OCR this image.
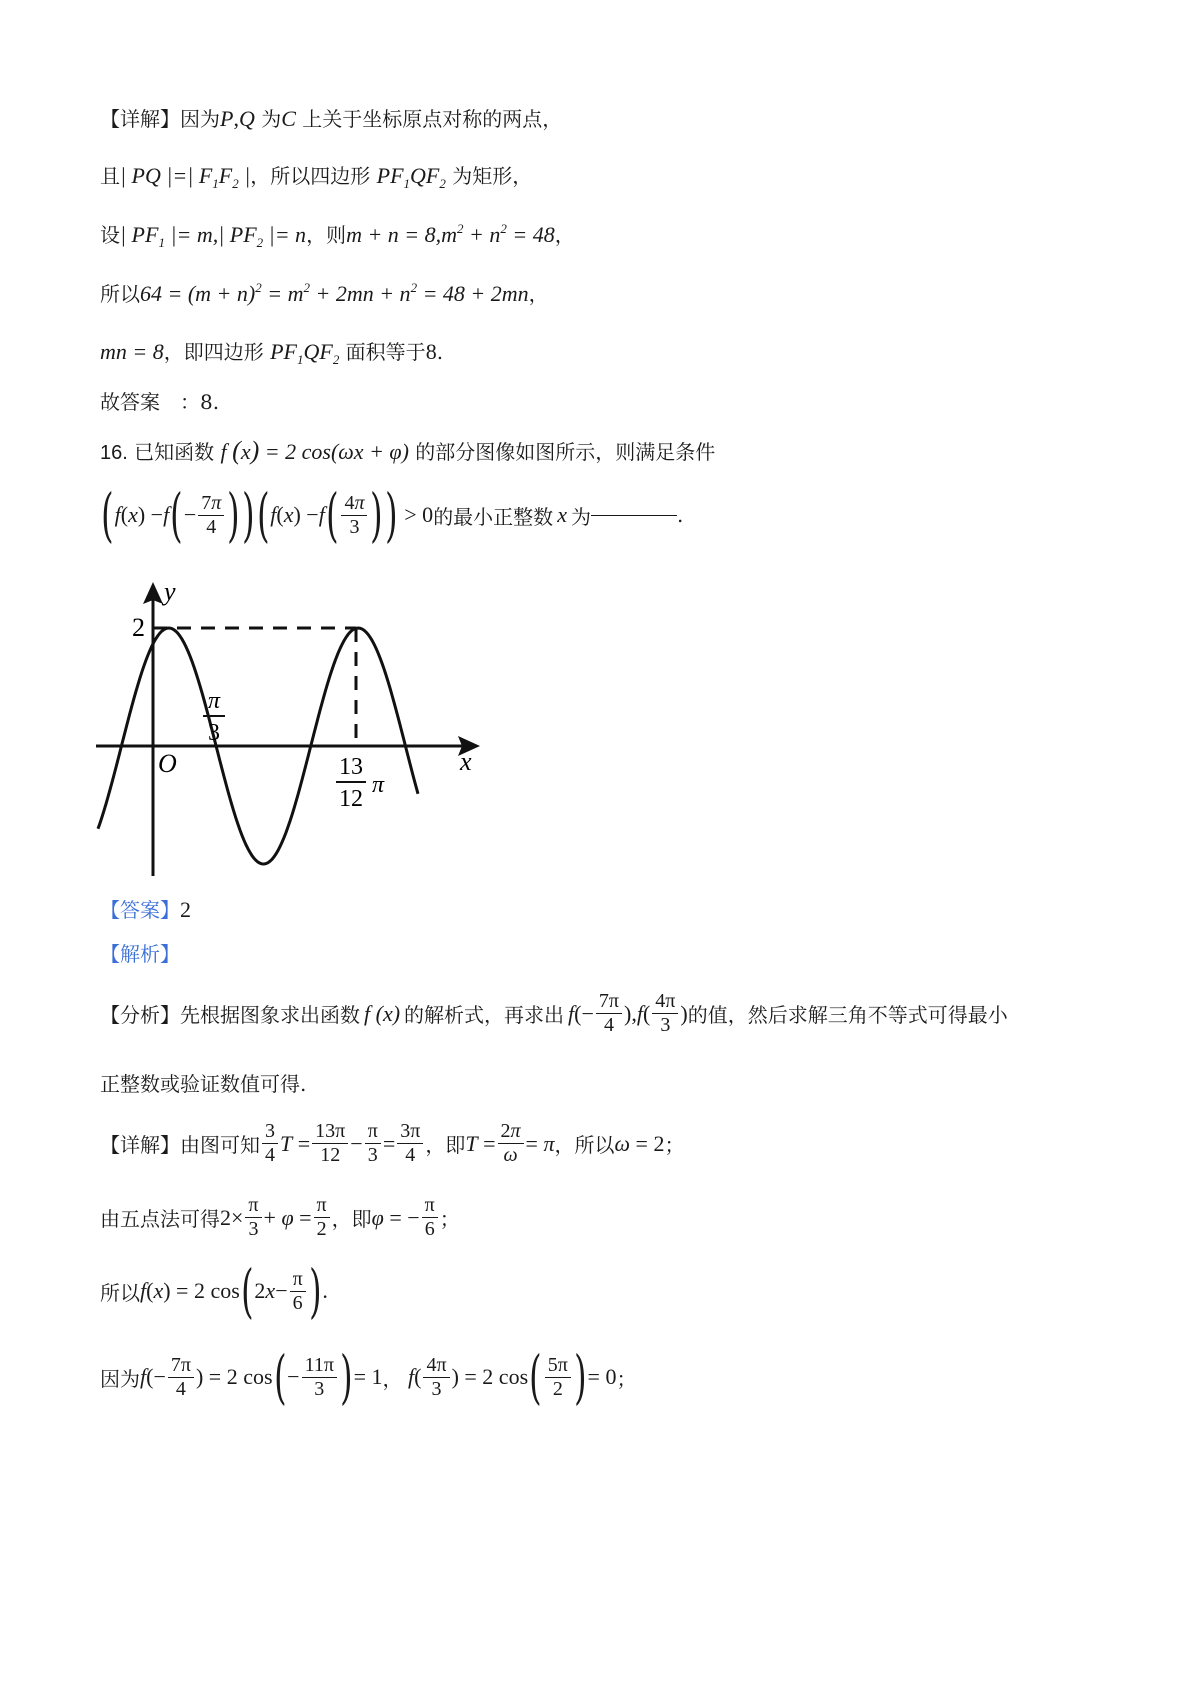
【详解】因为P,Q 为C 上关于坐标原点对称的两点，
且| PQ |=| $F_1F_2$ |，所以四边形 $PF_1QF_2$ 为矩形，
设| $PF_1$ |= m,| $PF_2$ |= n，则$m + n = 8,m^2 + n^2 = 48$，
所以$64 = (m + n)^2 = m^2 + 2mn + n^2 = 48 + 2mn$，
mn = 8，即四边形 $PF_1QF_2$ 面积等于8.
故答案　：8.
16. 已知函数 f (x) = 2 cos(ωx + φ) 的部分图像如图所示，则满足条件
( f ( x ) − f ( − $\frac{7\pi}{4}$ ) ) ( f ( x ) − f ( $\frac{4\pi}{3}$ ) ) > 0 的最小正整数 x 为	.
y
x
O
2
π
3
13
12
π
【答案】2
【解析】
【分析】 先根据图象求出函数 f (x) 的解析式，再求出 f (− $\frac{7\pi}{4}$ ), f ( $\frac{4\pi}{3}$ ) 的值，然后求解三角不等式可得最小
正整数或验证数值可得.
【详解】 由图可知 $\frac{3}{4}$ $T = \frac{13\pi}{12} - \frac{\pi}{3} = \frac{3\pi}{4}$ ，即 $T = \frac{2\pi}{\omega} = \pi$ ，所以 ω = 2 ；
由五点法可得 $2\times \frac{\pi}{3} + \varphi = \frac{\pi}{2}$ ，即 φ = − $\frac{\pi}{6}$ ；
所以 f ( x ) = 2 cos ( 2 $x - \frac{\pi}{6}$ ) .
因为 f (− $\frac{7\pi}{4}$ ) = 2 cos ( − $\frac{11\pi}{3}$ ) = 1 ， f ( $\frac{4\pi}{3}$ ) = 2 cos ( $\frac{5\pi}{2}$ ) = 0 ；
